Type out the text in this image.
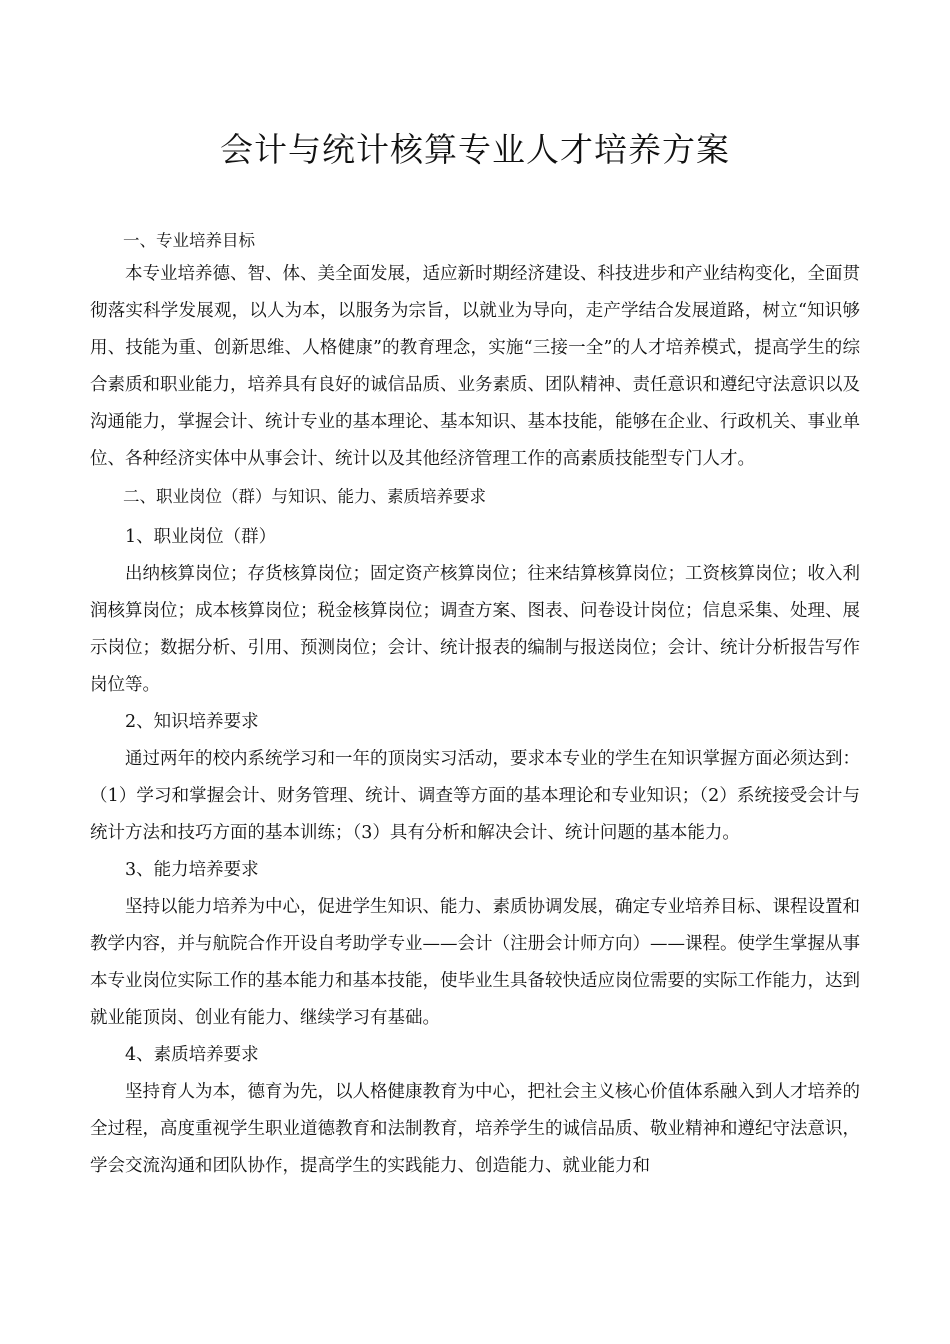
会计与统计核算专业人才培养方案

一、专业培养目标

本专业培养德、智、体、美全面发展，适应新时期经济建设、科技进步和产业结构变化，全面贯彻落实科学发展观，以人为本，以服务为宗旨，以就业为导向，走产学结合发展道路，树立“知识够用、技能为重、创新思维、人格健康”的教育理念，实施“三接一全”的人才培养模式，提高学生的综合素质和职业能力，培养具有良好的诚信品质、业务素质、团队精神、责任意识和遵纪守法意识以及沟通能力，掌握会计、统计专业的基本理论、基本知识、基本技能，能够在企业、行政机关、事业单位、各种经济实体中从事会计、统计以及其他经济管理工作的高素质技能型专门人才。

二、职业岗位（群）与知识、能力、素质培养要求

1、职业岗位（群）

出纳核算岗位；存货核算岗位；固定资产核算岗位；往来结算核算岗位；工资核算岗位；收入利润核算岗位；成本核算岗位；税金核算岗位；调查方案、图表、问卷设计岗位；信息采集、处理、展示岗位；数据分析、引用、预测岗位；会计、统计报表的编制与报送岗位；会计、统计分析报告写作岗位等。

2、知识培养要求

通过两年的校内系统学习和一年的顶岗实习活动，要求本专业的学生在知识掌握方面必须达到：（1）学习和掌握会计、财务管理、统计、调查等方面的基本理论和专业知识；（2）系统接受会计与统计方法和技巧方面的基本训练；（3）具有分析和解决会计、统计问题的基本能力。

3、能力培养要求

坚持以能力培养为中心，促进学生知识、能力、素质协调发展，确定专业培养目标、课程设置和教学内容，并与航院合作开设自考助学专业——会计（注册会计师方向）——课程。使学生掌握从事本专业岗位实际工作的基本能力和基本技能，使毕业生具备较快适应岗位需要的实际工作能力，达到就业能顶岗、创业有能力、继续学习有基础。

4、素质培养要求

坚持育人为本，德育为先，以人格健康教育为中心，把社会主义核心价值体系融入到人才培养的全过程，高度重视学生职业道德教育和法制教育，培养学生的诚信品质、敬业精神和遵纪守法意识，学会交流沟通和团队协作，提高学生的实践能力、创造能力、就业能力和
